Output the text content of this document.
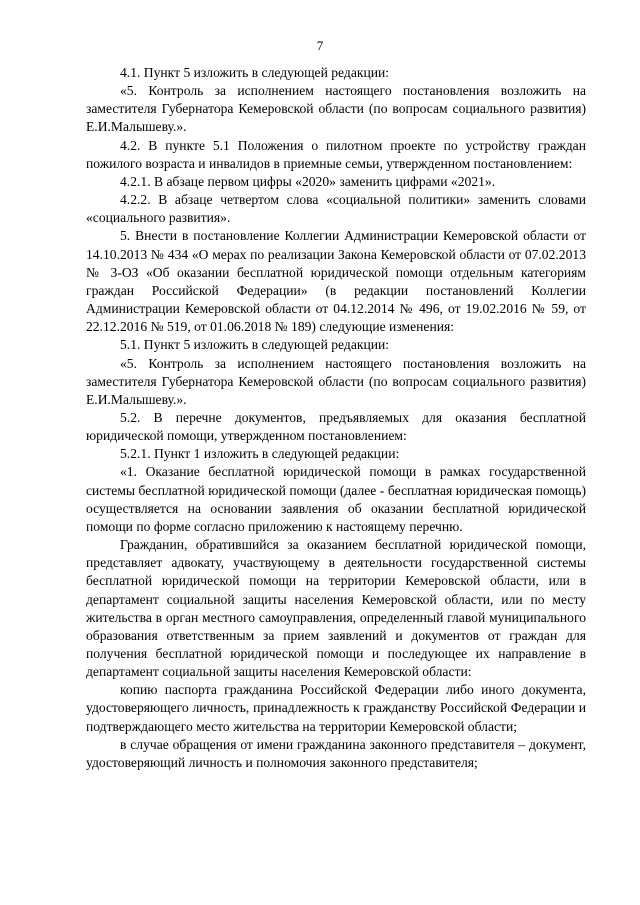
7

4.1. Пункт 5 изложить в следующей редакции:

«5. Контроль за исполнением настоящего постановления возложить на заместителя Губернатора Кемеровской области (по вопросам социального развития) Е.И.Малышеву.».

4.2. В пункте 5.1 Положения о пилотном проекте по устройству граждан пожилого возраста и инвалидов в приемные семьи, утвержденном постановлением:

4.2.1. В абзаце первом цифры «2020» заменить цифрами «2021».

4.2.2. В абзаце четвертом слова «социальной политики» заменить словами «социального развития».

5. Внести в постановление Коллегии Администрации Кемеровской области от 14.10.2013 № 434 «О мерах по реализации Закона Кемеровской области от 07.02.2013 № 3-ОЗ «Об оказании бесплатной юридической помощи отдельным категориям граждан Российской Федерации» (в редакции постановлений Коллегии Администрации Кемеровской области от 04.12.2014 № 496, от 19.02.2016 № 59, от 22.12.2016 № 519, от 01.06.2018 № 189) следующие изменения:

5.1. Пункт 5 изложить в следующей редакции:

«5. Контроль за исполнением настоящего постановления возложить на заместителя Губернатора Кемеровской области (по вопросам социального развития) Е.И.Малышеву.».

5.2. В перечне документов, предъявляемых для оказания бесплатной юридической помощи, утвержденном постановлением:

5.2.1. Пункт 1 изложить в следующей редакции:

«1. Оказание бесплатной юридической помощи в рамках государственной системы бесплатной юридической помощи (далее - бесплатная юридическая помощь) осуществляется на основании заявления об оказании бесплатной юридической помощи по форме согласно приложению к настоящему перечню.

Гражданин, обратившийся за оказанием бесплатной юридической помощи, представляет адвокату, участвующему в деятельности государственной системы бесплатной юридической помощи на территории Кемеровской области, или в департамент социальной защиты населения Кемеровской области, или по месту жительства в орган местного самоуправления, определенный главой муниципального образования ответственным за прием заявлений и документов от граждан для получения бесплатной юридической помощи и последующее их направление в департамент социальной защиты населения Кемеровской области:

копию паспорта гражданина Российской Федерации либо иного документа, удостоверяющего личность, принадлежность к гражданству Российской Федерации и подтверждающего место жительства на территории Кемеровской области;

в случае обращения от имени гражданина законного представителя – документ, удостоверяющий личность и полномочия законного представителя;
